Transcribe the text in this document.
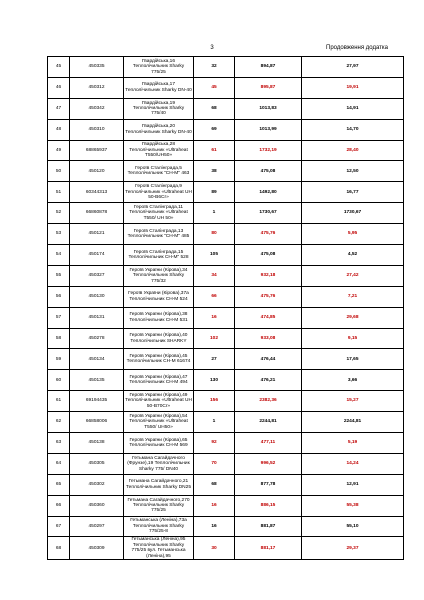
3	Продовження додатка
45	450335	Гвардійська,16 Теплолічильник Sharky 775/25	32	894,87	27,97
46	450312	Гвардійська,17 Теплолічильник Sharky DN-40	45	895,87	19,91
47	450342	Гвардійська,19 Теплолічильник Sharky 775/40	68	1013,83	14,91
48	450310	Гвардійська,20 Теплолічильник Sharky DN-40	69	1013,99	14,70
49	68865937	Гвардійська,28 Теплолічильник «Ultraheat T550/UH50»	61	1732,19	28,40
50	450120	Героїв Сталінграда,5 Теплолічильник "СН-М" 463	38	475,08	12,50
51	60344313	Героїв Сталінграда,9 Теплолічильник «Ultraheat UH 50-B6Cr»	89	1492,80	16,77
52	66860878	Героїв Сталінграда,11 Теплолічильник «Ultraheat T550/ UH 50»	1	1730,67	1730,67
53	450121	Героїв Сталінграда,13 Теплолічильник "СН-М" 485	80	475,76	5,95
54	450174	Героїв Сталінграда,15 Теплолічильник СН-М" 528	105	475,08	4,52
55	450327	Героїв України (Кірова),34 Теплолічильник Sharky 775/32	34	932,18	27,42
56	450130	Героїв України (Кірова),37а Теплолічильник СН-М 524	66	475,76	7,21
57	450131	Героїв України (Кірова),38 Теплолічильник СН-М 531	16	474,85	29,68
58	450278	Героїв України (Кірова),40 Теплолічильник SHARKY	102	933,08	9,15
59	450134	Героїв України (Кірова),45 Теплолічильник СН-М 61674	27	476,44	17,65
60	450135	Героїв України (Кірова),47 Теплолічильник СН-М 494	130	476,21	3,66
61	69194435	Героїв України (Кірова),49 Теплолічильник «Ultraheat UH 50-B70Cr»	156	2382,36	15,27
62	66858006	Героїв України (Кірова),54 Теплолічильник «Ultraheat T550/ UH50»	1	2244,81	2244,81
63	450138	Героїв України (Кірова),65 Теплолічильник СН-М 569	92	477,11	5,19
64	450305	Гетьмана Сагайдачного (Фрунзе),19 Теплолічильник Sharky 775/ DN40	70	996,52	14,24
65	450302	Гетьмана Сагайдачного,21 Теплолічильник Sharky DN25	68	877,78	12,91
66	450360	Гетьмана Сагайдачного,270 Теплолічильник Sharky 775/25	16	886,15	55,38
67	450297	Гетьманська (Леніна),73а Теплолічильник Sharky 775/25-8	16	881,87	55,10
68	450309	Гетьманська (Леніна),95 Теплолічильник Sharky 775/25 вул. Гетьманська (Леніна),95	30	881,17	29,37
